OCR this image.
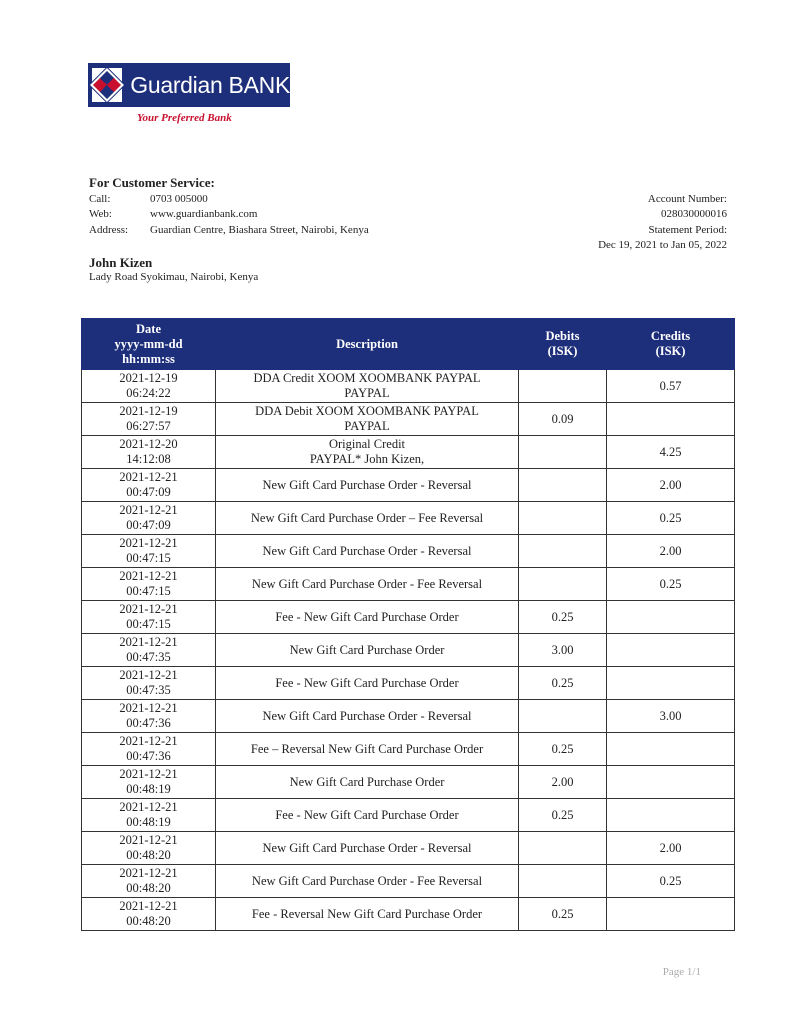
Guardian BANK
Your Preferred Bank
For Customer Service:
Call:	0703 005000
Web:	www.guardianbank.com
Address:	Guardian Centre, Biashara Street, Nairobi, Kenya
Account Number:
028030000016
Statement Period:
Dec 19, 2021 to Jan 05, 2022
John Kizen
Lady Road Syokimau, Nairobi, Kenya
Date
yyyy-mm-dd
hh:mm:ss	Description	Debits
(ISK)	Credits
(ISK)
2021-12-19
06:24:22	DDA Credit XOOM XOOMBANK PAYPAL
PAYPAL		0.57
2021-12-19
06:27:57	DDA Debit XOOM XOOMBANK PAYPAL
PAYPAL	0.09	
2021-12-20
14:12:08	Original Credit
PAYPAL* John Kizen,		4.25
2021-12-21
00:47:09	New Gift Card Purchase Order - Reversal		2.00
2021-12-21
00:47:09	New Gift Card Purchase Order – Fee Reversal		0.25
2021-12-21
00:47:15	New Gift Card Purchase Order - Reversal		2.00
2021-12-21
00:47:15	New Gift Card Purchase Order - Fee Reversal		0.25
2021-12-21
00:47:15	Fee - New Gift Card Purchase Order	0.25	
2021-12-21
00:47:35	New Gift Card Purchase Order	3.00	
2021-12-21
00:47:35	Fee - New Gift Card Purchase Order	0.25	
2021-12-21
00:47:36	New Gift Card Purchase Order - Reversal		3.00
2021-12-21
00:47:36	Fee – Reversal New Gift Card Purchase Order	0.25	
2021-12-21
00:48:19	New Gift Card Purchase Order	2.00	
2021-12-21
00:48:19	Fee - New Gift Card Purchase Order	0.25	
2021-12-21
00:48:20	New Gift Card Purchase Order - Reversal		2.00
2021-12-21
00:48:20	New Gift Card Purchase Order - Fee Reversal		0.25
2021-12-21
00:48:20	Fee - Reversal New Gift Card Purchase Order	0.25	
Page 1/1
